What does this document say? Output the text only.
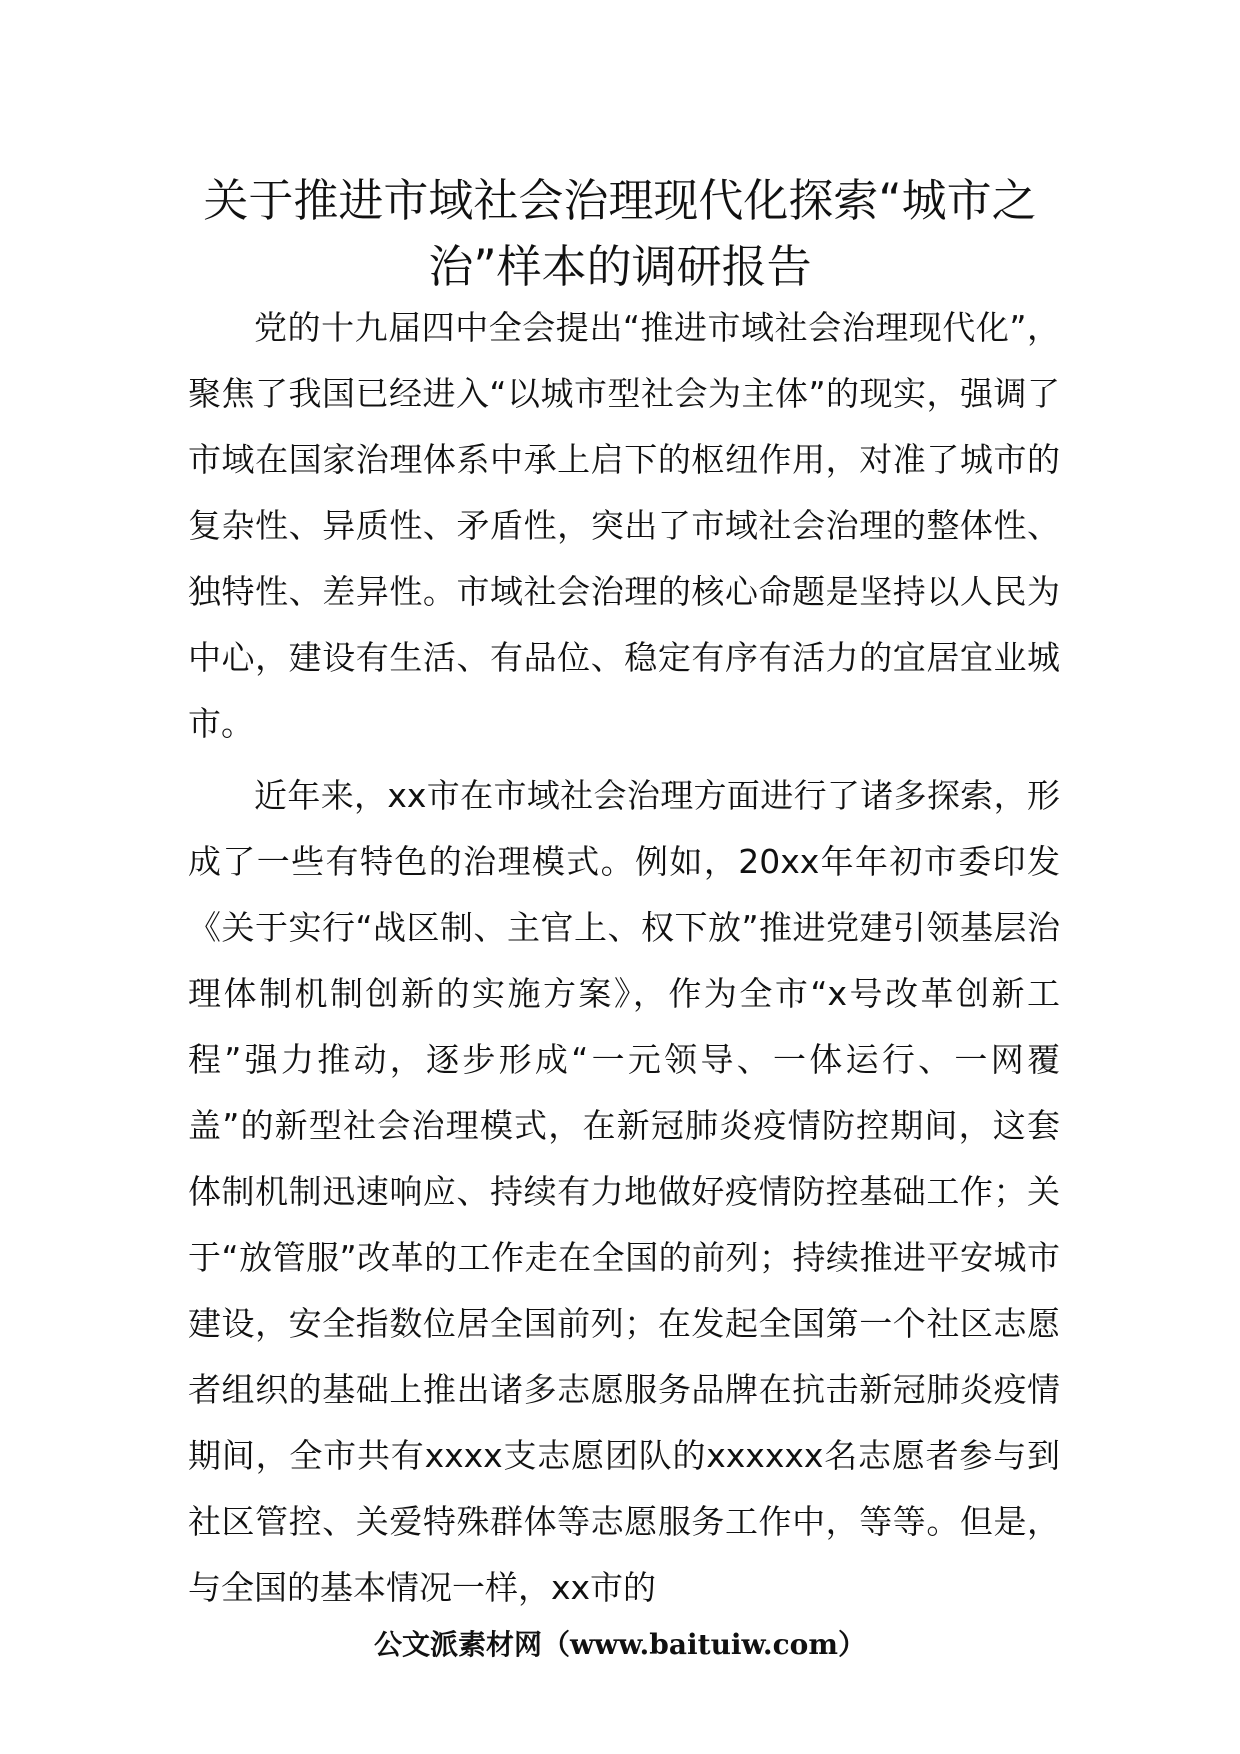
关于推进市域社会治理现代化探索“城市之治”样本的调研报告

党的十九届四中全会提出“推进市域社会治理现代化”，聚焦了我国已经进入“以城市型社会为主体”的现实，强调了市域在国家治理体系中承上启下的枢纽作用，对准了城市的复杂性、异质性、矛盾性，突出了市域社会治理的整体性、独特性、差异性。市域社会治理的核心命题是坚持以人民为中心，建设有生活、有品位、稳定有序有活力的宜居宜业城市。

近年来，xx市在市域社会治理方面进行了诸多探索，形成了一些有特色的治理模式。例如，20xx年年初市委印发《关于实行“战区制、主官上、权下放”推进党建引领基层治理体制机制创新的实施方案》，作为全市“x号改革创新工程”强力推动，逐步形成“一元领导、一体运行、一网覆盖”的新型社会治理模式，在新冠肺炎疫情防控期间，这套体制机制迅速响应、持续有力地做好疫情防控基础工作；关于“放管服”改革的工作走在全国的前列；持续推进平安城市建设，安全指数位居全国前列；在发起全国第一个社区志愿者组织的基础上推出诸多志愿服务品牌在抗击新冠肺炎疫情期间，全市共有xxxx支志愿团队的xxxxxx名志愿者参与到社区管控、关爱特殊群体等志愿服务工作中，等等。但是，与全国的基本情况一样，xx市的

公文派素材网（www.baituiw.com）
